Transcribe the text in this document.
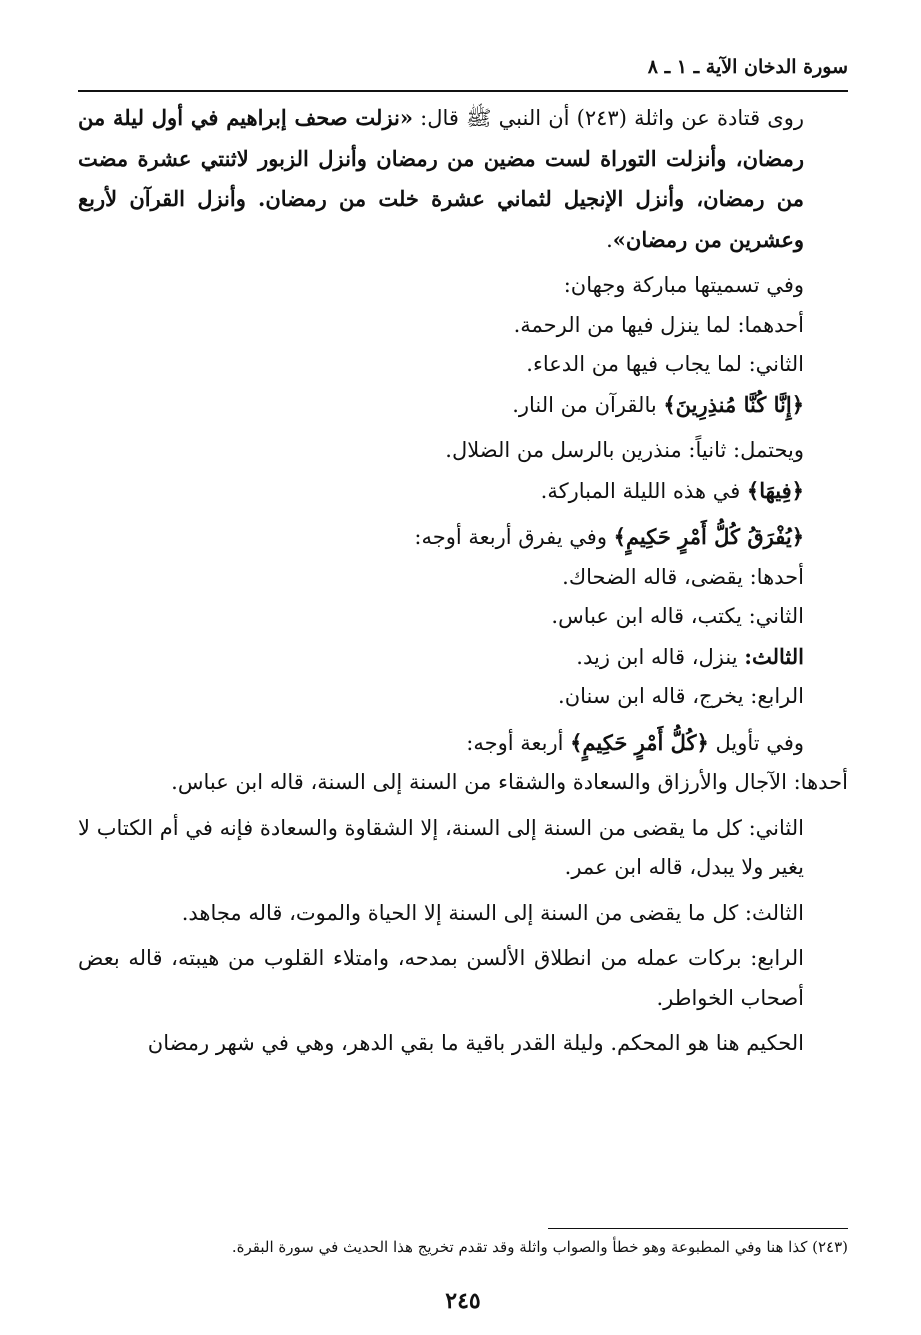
سورة الدخان الآية ـ ١ ـ ٨

روى قتادة عن واثلة (٢٤٣) أن النبي ﷺ قال: «نزلت صحف إبراهيم في أول ليلة من رمضان، وأنزلت التوراة لست مضين من رمضان وأنزل الزبور لاثنتي عشرة مضت من رمضان، وأنزل الإنجيل لثماني عشرة خلت من رمضان. وأنزل القرآن لأربع وعشرين من رمضان».

وفي تسميتها مباركة وجهان:

أحدهما: لما ينزل فيها من الرحمة.

الثاني: لما يجاب فيها من الدعاء.

﴿إِنَّا كُنَّا مُنذِرِينَ﴾ بالقرآن من النار.

ويحتمل: ثانياً: منذرين بالرسل من الضلال.

﴿فِيهَا﴾ في هذه الليلة المباركة.

﴿يُفْرَقُ كُلُّ أَمْرٍ حَكِيمٍ﴾ وفي يفرق أربعة أوجه:

أحدها: يقضى، قاله الضحاك.

الثاني: يكتب، قاله ابن عباس.

الثالث: ينزل، قاله ابن زيد.

الرابع: يخرج، قاله ابن سنان.

وفي تأويل ﴿كُلُّ أَمْرٍ حَكِيمٍ﴾ أربعة أوجه:

أحدها: الآجال والأرزاق والسعادة والشقاء من السنة إلى السنة، قاله ابن عباس.

الثاني: كل ما يقضى من السنة إلى السنة، إلا الشقاوة والسعادة فإنه في أم الكتاب لا يغير ولا يبدل، قاله ابن عمر.

الثالث: كل ما يقضى من السنة إلى السنة إلا الحياة والموت، قاله مجاهد.

الرابع: بركات عمله من انطلاق الألسن بمدحه، وامتلاء القلوب من هيبته، قاله بعض أصحاب الخواطر.

الحكيم هنا هو المحكم. وليلة القدر باقية ما بقي الدهر، وهي في شهر رمضان

(٢٤٣) كذا هنا وفي المطبوعة وهو خطأ والصواب واثلة وقد تقدم تخريج هذا الحديث في سورة البقرة.
٢٤٥
